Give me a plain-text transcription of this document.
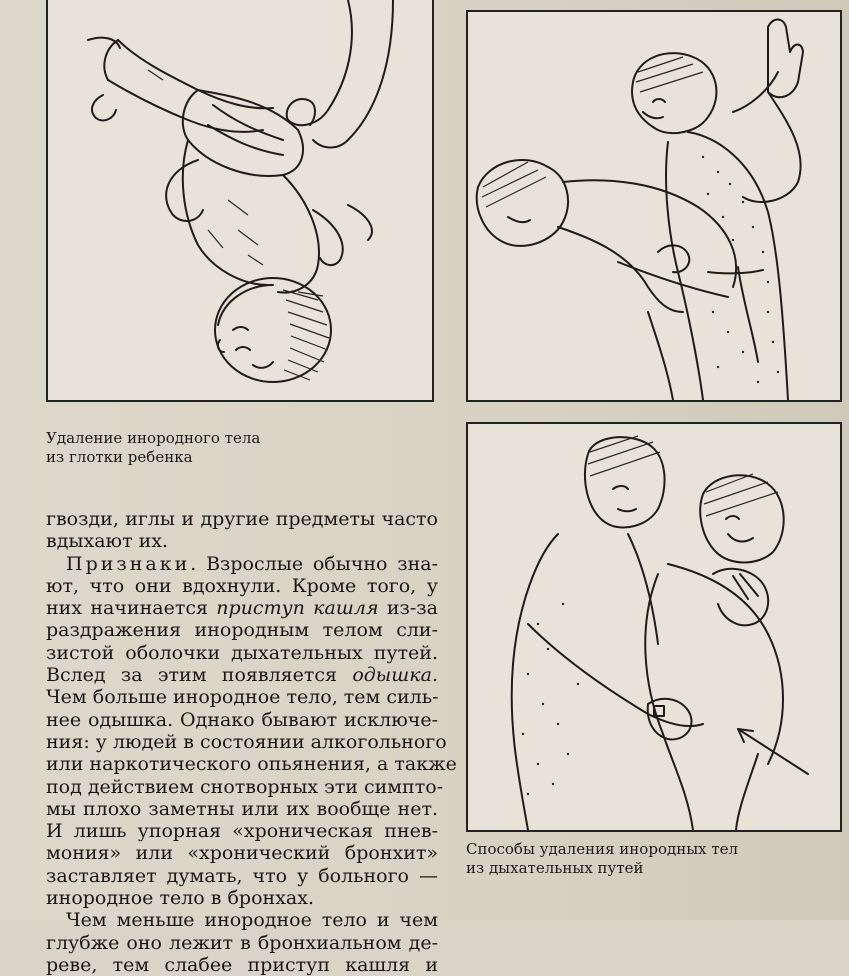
Удаление инородного тела

из глотки ребенка

Способы удаления инородных тел

из дыхательных путей

гвозди, иглы и другие предметы часто
вдыхают их.
Признаки. Взрослые обычно зна-
ют, что они вдохнули. Кроме того, у
них начинается приступ кашля из-за
раздражения инородным телом сли-
зистой оболочки дыхательных путей.
Вслед за этим появляется одышка.
Чем больше инородное тело, тем силь-
нее одышка. Однако бывают исключе-
ния: у людей в состоянии алкогольного
или наркотического опьянения, а также
под действием снотворных эти симпто-
мы плохо заметны или их вообще нет.
И лишь упорная «хроническая пнев-
мония» или «хронический бронхит»
заставляет думать, что у больного —
инородное тело в бронхах.
Чем меньше инородное тело и чем
глубже оно лежит в бронхиальном де-
реве, тем слабее приступ кашля и
